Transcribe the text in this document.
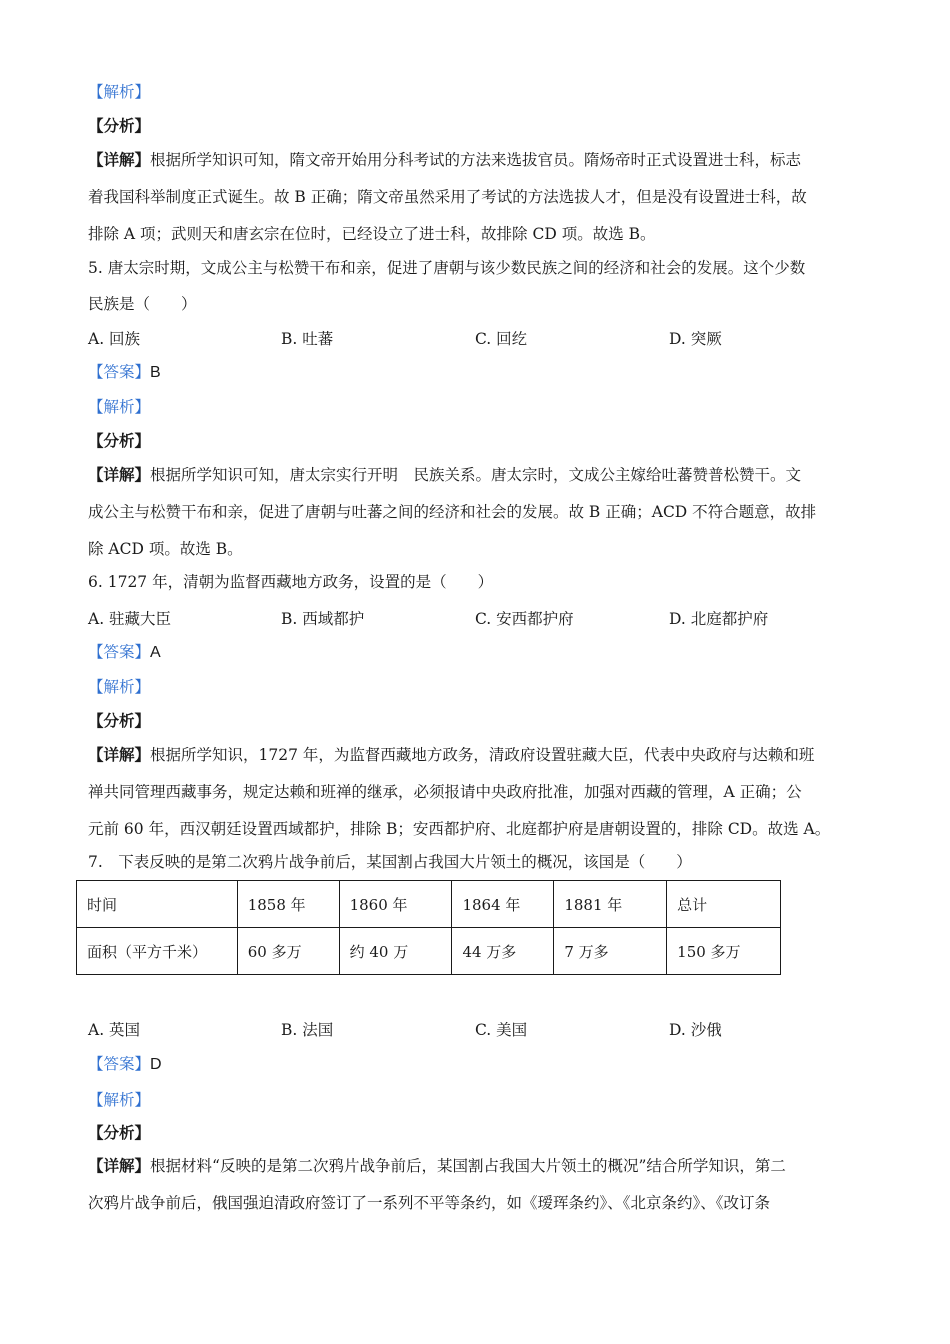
【解析】
【分析】
【详解】根据所学知识可知，隋文帝开始用分科考试的方法来选拔官员。隋炀帝时正式设置进士科，标志
着我国科举制度正式诞生。故 B 正确；隋文帝虽然采用了考试的方法选拔人才，但是没有设置进士科，故
排除 A 项；武则天和唐玄宗在位时，已经设立了进士科，故排除 CD 项。故选 B。
5. 唐太宗时期，文成公主与松赞干布和亲，促进了唐朝与该少数民族之间的经济和社会的发展。这个少数
民族是（　　）
A. 回族	B. 吐蕃	C. 回纥	D. 突厥
【答案】B
【解析】
【分析】
【详解】根据所学知识可知，唐太宗实行开明　民族关系。唐太宗时，文成公主嫁给吐蕃赞普松赞干。文
成公主与松赞干布和亲，促进了唐朝与吐蕃之间的经济和社会的发展。故 B 正确；ACD 不符合题意，故排
除 ACD 项。故选 B。
6. 1727 年，清朝为监督西藏地方政务，设置的是（　　）
A. 驻藏大臣	B. 西域都护	C. 安西都护府	D. 北庭都护府
【答案】A
【解析】
【分析】
【详解】根据所学知识，1727 年，为监督西藏地方政务，清政府设置驻藏大臣，代表中央政府与达赖和班
禅共同管理西藏事务，规定达赖和班禅的继承，必须报请中央政府批准，加强对西藏的管理，A 正确；公
元前 60 年，西汉朝廷设置西域都护，排除 B；安西都护府、北庭都护府是唐朝设置的，排除 CD。故选 A。
7.　下表反映的是第二次鸦片战争前后，某国割占我国大片领土的概况，该国是（　　）
时间	1858 年	1860 年	1864 年	1881 年	总计
面积（平方千米）	60 多万	约 40 万	44 万多	7 万多	150 多万
A. 英国	B. 法国	C. 美国	D. 沙俄
【答案】D
【解析】
【分析】
【详解】根据材料“反映的是第二次鸦片战争前后，某国割占我国大片领土的概况”结合所学知识，第二
次鸦片战争前后，俄国强迫清政府签订了一系列不平等条约，如《瑷珲条约》、《北京条约》、《改订条
